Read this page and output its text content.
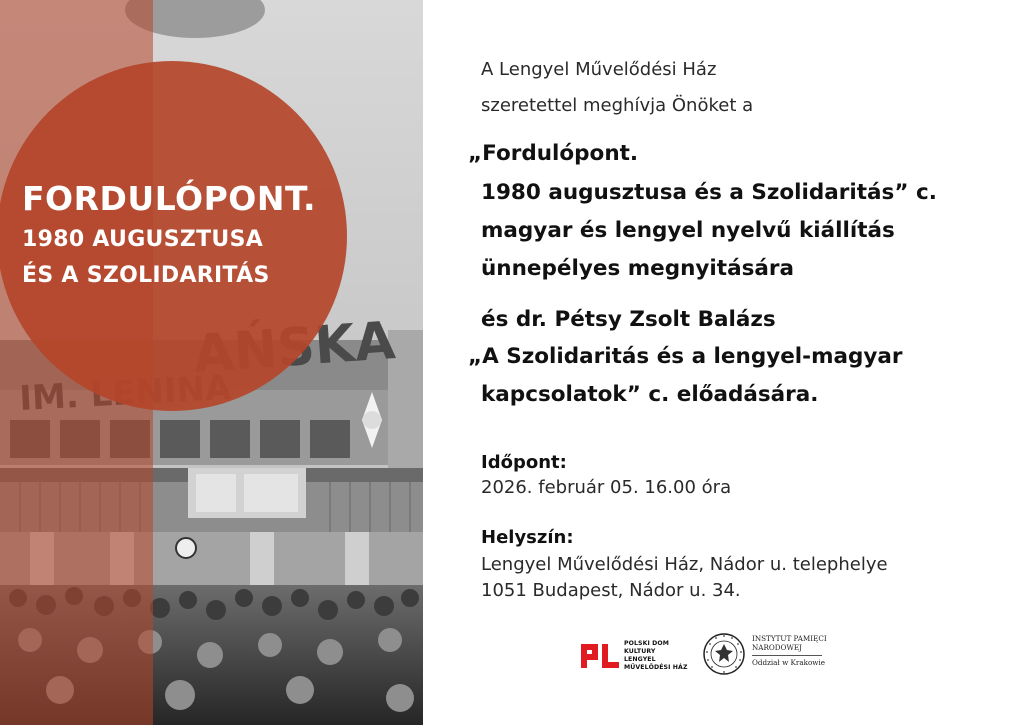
FORDULÓPONT.
1980 AUGUSZTUSA
ÉS A SZOLIDARITÁS
A Lengyel Művelődési Ház
szeretettel meghívja Önöket a
„Fordulópont.
1980 augusztusa és a Szolidaritás” c.
magyar és lengyel nyelvű kiállítás
ünnepélyes megnyitására
és dr. Pétsy Zsolt Balázs
„A Szolidaritás és a lengyel-magyar
kapcsolatok” c. előadására.
Időpont:
2026. február 05. 16.00 óra
Helyszín:
Lengyel Művelődési Ház, Nádor u. telephelye
1051 Budapest, Nádor u. 34.
POLSKI DOM
KULTURY
LENGYEL
MŰVELŐDÉSI HÁZ
INSTYTUT PAMIĘCI
NARODOWEJ
Oddział w Krakowie
